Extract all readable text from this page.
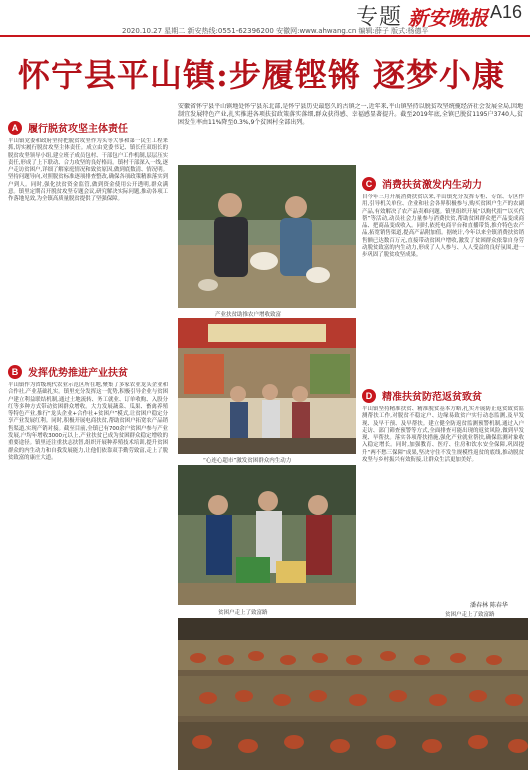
专题 新安晚报 A16
2020.10.27 星期二 新安热线:0551-62396200 安徽网:www.ahwang.cn 编辑:薛子 版式:杨德平
怀宁县平山镇:步履铿锵 逐梦小康
安徽省怀宁县平山镇地处怀宁县东北部,是怀宁县历史最悠久的古镇之一,近年来,平山镇坚持以脱贫攻坚统揽经济社会发展全局,因地制宜发展特色产业,扎实推进各项扶贫政策落实落细,群众获得感、幸福感显著提升。截至2019年底,全镇已脱贫1195户3740人,贫困发生率由11%降至0.3%,9个贫困村全部出列。
A 履行脱贫攻坚主体责任
平山镇党委和政府坚持把脱贫攻坚作为头等大事和第一民生工程来抓,切实履行脱贫攻坚主体责任。成立由党委书记、镇长任双组长的脱贫攻坚领导小组,建立班子成员包村、干部包户工作机制,层层压实责任,形成了上下联动、合力攻坚的良好格局。镇村干部深入一线,逐户走访贫困户,详细了解家庭情况和致贫原因,做到底数清、情况明。坚持问题导向,对照脱贫标准逐项排查整改,确保各项政策精准落实到户到人。同时,强化扶贫资金监管,做到资金使用公开透明,群众满意。镇里定期召开脱贫攻坚专题会议,研究解决实际问题,推动各项工作落地见效,为全镇高质量脱贫提供了坚强保障。
B 发挥优势推进产业扶贫
平山镇作为省级现代农业示范区所在地,聚集了多家农业龙头企业和合作社,产业基础扎实。镇里充分发挥这一优势,积极引导企业与贫困户建立利益联结机制,通过土地流转、务工就业、订单收购、入股分红等多种方式带动贫困群众增收。大力发展蔬菜、瓜果、畜禽养殖等特色产业,推行“龙头企业+合作社+贫困户”模式,让贫困户稳定分享产业发展红利。同时,积极开展电商扶贫,帮助贫困户拓宽农产品销售渠道,实现产销对接。截至目前,全镇已有700余户贫困户参与产业发展,户均年增收3000元以上,产业扶贫已成为贫困群众稳定增收的重要途径。镇里还注重扶志扶智,组织开展种养殖技术培训,提升贫困群众的内生动力和自我发展能力,让他们依靠双手勤劳致富,走上了脱贫致富的康庄大道。
产业扶贫助推农户增收致富
“心连心超市”激发贫困群众内生动力
贫困户走上了致富路	贫困户走上了致富路
C 消费扶贫激发内生动力
自今年三月开展消费扶贫以来,平山镇充分发挥专柜、专馆、专区作用,引导机关单位、企业和社会各界积极参与,购买贫困户生产的农副产品,有效解决了农产品卖难问题。镇里组织开展“以购代捐”“以买代帮”等活动,动员社会力量参与消费扶贫,帮助贫困群众把产品变成商品、把商品变成收入。同时,依托电商平台和直播带货,推介特色农产品,拓宽销售渠道,提高产品附加值。据统计,今年以来全镇消费扶贫销售额已达数百万元,直接带动贫困户增收,激发了贫困群众依靠自身劳动脱贫致富的内生动力,形成了人人参与、人人受益的良好氛围,进一步巩固了脱贫攻坚成果。
D 精准扶贫防范返贫致贫
平山镇坚持精准扶贫、精准脱贫基本方略,扎实开展防止返贫致贫监测帮扶工作,对脱贫不稳定户、边缘易致贫户实行动态监测,及早发现、及早干预、及早帮扶。建立健全防返贫监测预警机制,通过入户走访、部门筛查预警等方式,全面排查可能出现的返贫风险,做到早发现、早帮扶。落实各项帮扶措施,强化产业就业帮扶,确保监测对象收入稳定增长。同时,加强教育、医疗、住房和饮水安全保障,巩固提升“两不愁三保障”成果,坚决守住不发生规模性返贫的底线,推动脱贫攻坚与乡村振兴有效衔接,让群众生活更加美好。
潘春林 陈春华
